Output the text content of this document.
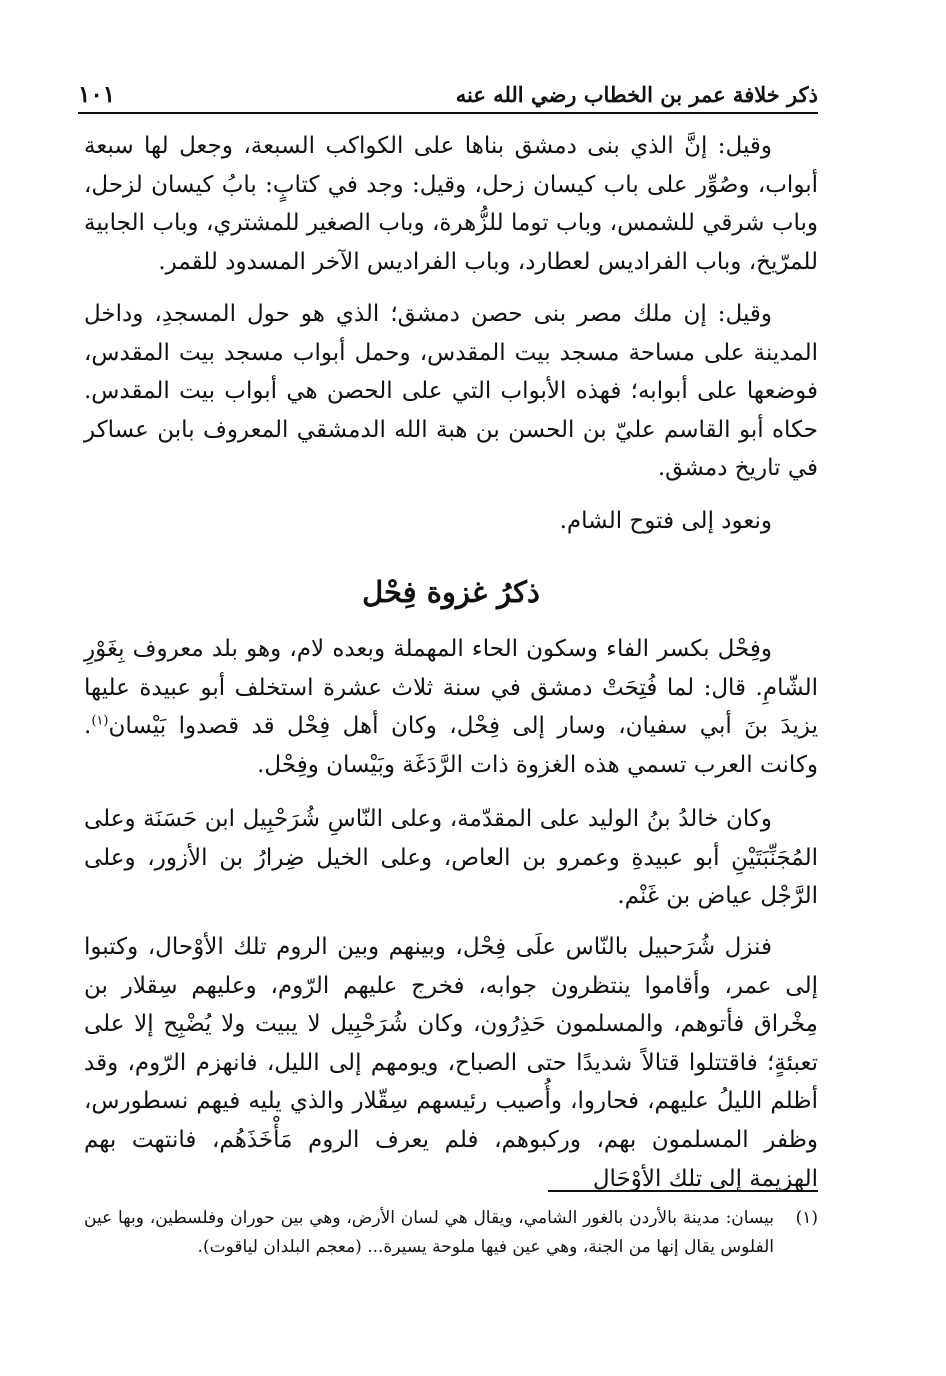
ذكر خلافة عمر بن الخطاب رضي الله عنه
١٠١

وقيل: إنَّ الذي بنى دمشق بناها على الكواكب السبعة، وجعل لها سبعة أبواب، وصُوِّر على باب كيسان زحل، وقيل: وجد في كتابٍ: بابُ كيسان لزحل، وباب شرقي للشمس، وباب توما للزُّهرة، وباب الصغير للمشتري، وباب الجابية للمرّيخ، وباب الفراديس لعطارد، وباب الفراديس الآخر المسدود للقمر.

وقيل: إن ملك مصر بنى حصن دمشق؛ الذي هو حول المسجدِ، وداخل المدينة على مساحة مسجد بيت المقدس، وحمل أبواب مسجد بيت المقدس، فوضعها على أبوابه؛ فهذه الأبواب التي على الحصن هي أبواب بيت المقدس. حكاه أبو القاسم عليّ بن الحسن بن هبة الله الدمشقي المعروف بابن عساكر في تاريخ دمشق.

ونعود إلى فتوح الشام.

ذكرُ غزوة فِحْل

وفِحْل بكسر الفاء وسكون الحاء المهملة وبعده لام، وهو بلد معروف بِغَوْرِ الشّامِ. قال: لما فُتِحَتْ دمشق في سنة ثلاث عشرة استخلف أبو عبيدة عليها يزيدَ بنَ أبي سفيان، وسار إلى فِحْل، وكان أهل فِحْل قد قصدوا بَيْسان$^{(١)}$. وكانت العرب تسمي هذه الغزوة ذات الرَّدَغَة وبَيْسان وفِحْل.

وكان خالدُ بنُ الوليد على المقدّمة، وعلى النّاسِ شُرَحْبِيل ابن حَسَنَة وعلى المُجَنِّبَتَيْنِ أبو عبيدةِ وعمرو بن العاص، وعلى الخيل ضِرارُ بن الأزور، وعلى الرَّجْل عياض بن غَنْم.

فنزل شُرَحبيل بالنّاس علَى فِحْل، وبينهم وبين الروم تلك الأوْحال، وكتبوا إلى عمر، وأقاموا ينتظرون جوابه، فخرج عليهم الرّوم، وعليهم سِقلار بن مِخْراق فأتوهم، والمسلمون حَذِرُون، وكان شُرَحْبِيل لا يبيت ولا يُضْبِح إلا على تعبئةٍ؛ فاقتتلوا قتالاً شديدًا حتى الصباح، ويومهم إلى الليل، فانهزم الرّوم، وقد أظلم الليلُ عليهم، فحاروا، وأُصيب رئيسهم سِقّلار والذي يليه فيهم نسطورس، وظفر المسلمون بهم، وركبوهم، فلم يعرف الروم مَأْخَذَهُم، فانتهت بهم الهزيمة إلى تلك الأوْحَال

(١)
بيسان: مدينة بالأردن بالغور الشامي، ويقال هي لسان الأرض، وهي بين حوران وفلسطين، وبها عين الفلوس يقال إنها من الجنة، وهي عين فيها ملوحة يسيرة... (معجم البلدان لياقوت).
